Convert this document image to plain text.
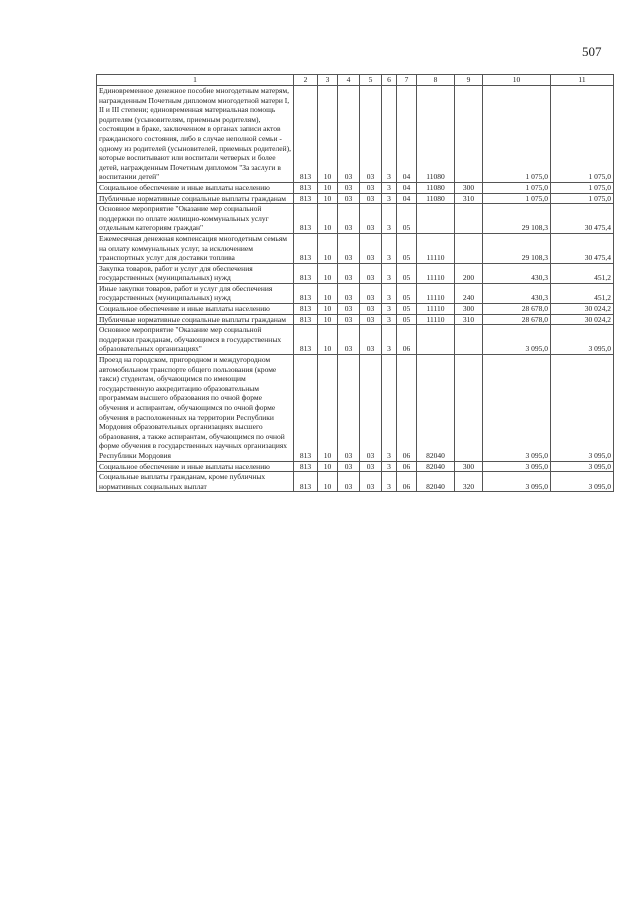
507
1	2	3	4	5	6	7	8	9	10	11
Единовременное денежное пособие многодетным матерям, награжденным Почетным дипломом многодетной матери I, II и III степени; единовременная материальная помощь родителям (усыновителям, приемным родителям), состоящим в браке, заключенном в органах записи актов гражданского состояния, либо в случае неполной семьи - одному из родителей (усыновителей, приемных родителей), которые воспитывают или воспитали четверых и более детей, награжденным Почетным дипломом "За заслуги в воспитании детей"	813	10	03	03	3	04	11080		1 075,0	1 075,0
Социальное обеспечение и иные выплаты населению	813	10	03	03	3	04	11080	300	1 075,0	1 075,0
Публичные нормативные социальные выплаты гражданам	813	10	03	03	3	04	11080	310	1 075,0	1 075,0
Основное мероприятие "Оказание мер социальной поддержки по оплате жилищно-коммунальных услуг отдельным категориям граждан"	813	10	03	03	3	05			29 108,3	30 475,4
Ежемесячная денежная компенсация многодетным семьям на оплату коммунальных услуг, за исключением транспортных услуг для доставки топлива	813	10	03	03	3	05	11110		29 108,3	30 475,4
Закупка товаров, работ и услуг для обеспечения государственных (муниципальных) нужд	813	10	03	03	3	05	11110	200	430,3	451,2
Иные закупки товаров, работ и услуг для обеспечения государственных (муниципальных) нужд	813	10	03	03	3	05	11110	240	430,3	451,2
Социальное обеспечение и иные выплаты населению	813	10	03	03	3	05	11110	300	28 678,0	30 024,2
Публичные нормативные социальные выплаты гражданам	813	10	03	03	3	05	11110	310	28 678,0	30 024,2
Основное мероприятие "Оказание мер социальной поддержки гражданам, обучающимся в государственных образовательных организациях"	813	10	03	03	3	06			3 095,0	3 095,0
Проезд на городском, пригородном и междугородном автомобильном транспорте общего пользования (кроме такси) студентам, обучающимся по имеющим государственную аккредитацию образовательным программам высшего образования по очной форме обучения и аспирантам, обучающимся по очной форме обучения в расположенных на территории Республики Мордовия образовательных организациях высшего образования, а также аспирантам, обучающимся по очной форме обучения в государственных научных организациях Республики Мордовия	813	10	03	03	3	06	82040		3 095,0	3 095,0
Социальное обеспечение и иные выплаты населению	813	10	03	03	3	06	82040	300	3 095,0	3 095,0
Социальные выплаты гражданам, кроме публичных нормативных социальных выплат	813	10	03	03	3	06	82040	320	3 095,0	3 095,0
